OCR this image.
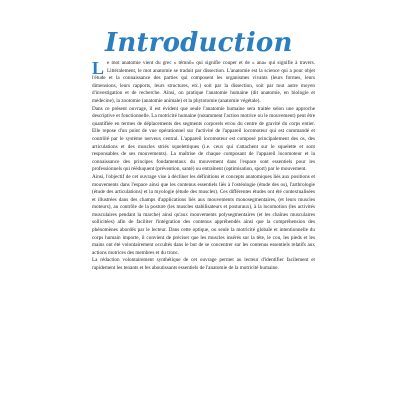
Introduction

Le mot anatomie vient du grec « témnô» qui signifie couper et de « ana» qui signifie à travers. Littéralement, le mot anatomie se traduit par dissection. L'anatomie est la science qui a pour objet l'étude et la connaissance des parties qui composent les organismes vivants (leurs formes, leurs dimensions, leurs rapports, leurs structures, etc.) soit par la dissection, soit par tout autre moyen d'investigation et de recherche. Ainsi, on pratique l'anatomie humaine (dit anatomie, en biologie et médecine), la zootomie (anatomie animale) et la phytotomie (anatomie végétale).

Dans ce présent ouvrage, il est évident que seule l'anatomie humaine sera traitée selon une approche descriptive et fonctionnelle. La motricité humaine (notamment l'action motrice ou le mouvement) peut être quantifiée en termes de déplacements des segments corporels et/ou du centre de gravité du corps entier. Elle repose d'un point de vue opérationnel sur l'activité de l'appareil locomoteur qui est commandé et contrôlé par le système nerveux central. L'appareil locomoteur est composé principalement des os, des articulations et des muscles striés squelettiques (i.e. ceux qui s'attachent sur le squelette et sont responsables de ses mouvements). La maîtrise de chaque composant de l'appareil locomoteur et la connaissance des principes fondamentaux du mouvement dans l'espace sont essentiels pour les professionnels qui rééduquent (prévention, santé) ou entraînent (optimisation, sport) par le mouvement.

Ainsi, l'objectif de cet ouvrage vise à décliner les définitions et concepts anatomiques liés aux positions et mouvements dans l'espace ainsi que les contenus essentiels liés à l'ostéologie (étude des os), l'arthrologie (étude des articulations) et la myologie (étude des muscles). Ces différentes études ont été contextualisées et illustrées dans des champs d'applications liés aux mouvements monosegmentaires, (et leurs muscles moteurs), au contrôle de la posture (les muscles stabilisateurs et posturaux), à la locomotion (les activités musculaires pendant la marche) ainsi qu'aux mouvements polysegmentaires (et les chaînes musculaires sollicitées) afin de faciliter l'intégration des contenus appréhendés ainsi que la compréhension des phénomènes abordés par le lecteur. Dans cette optique, ou seule la motricité globale et intentionnelle du corps humain importe, il convient de préciser que les muscles insérés sur la tête, le cou, les pieds et les mains ont été volontairement occultés dans le but de se concentrer sur les contenus essentiels relatifs aux actions motrices des membres et du tronc.

La rédaction volontairement synthétique de cet ouvrage permet au lecteur d'identifier facilement et rapidement les tenants et les aboutissants essentiels de l'anatomie de la motricité humaine.
